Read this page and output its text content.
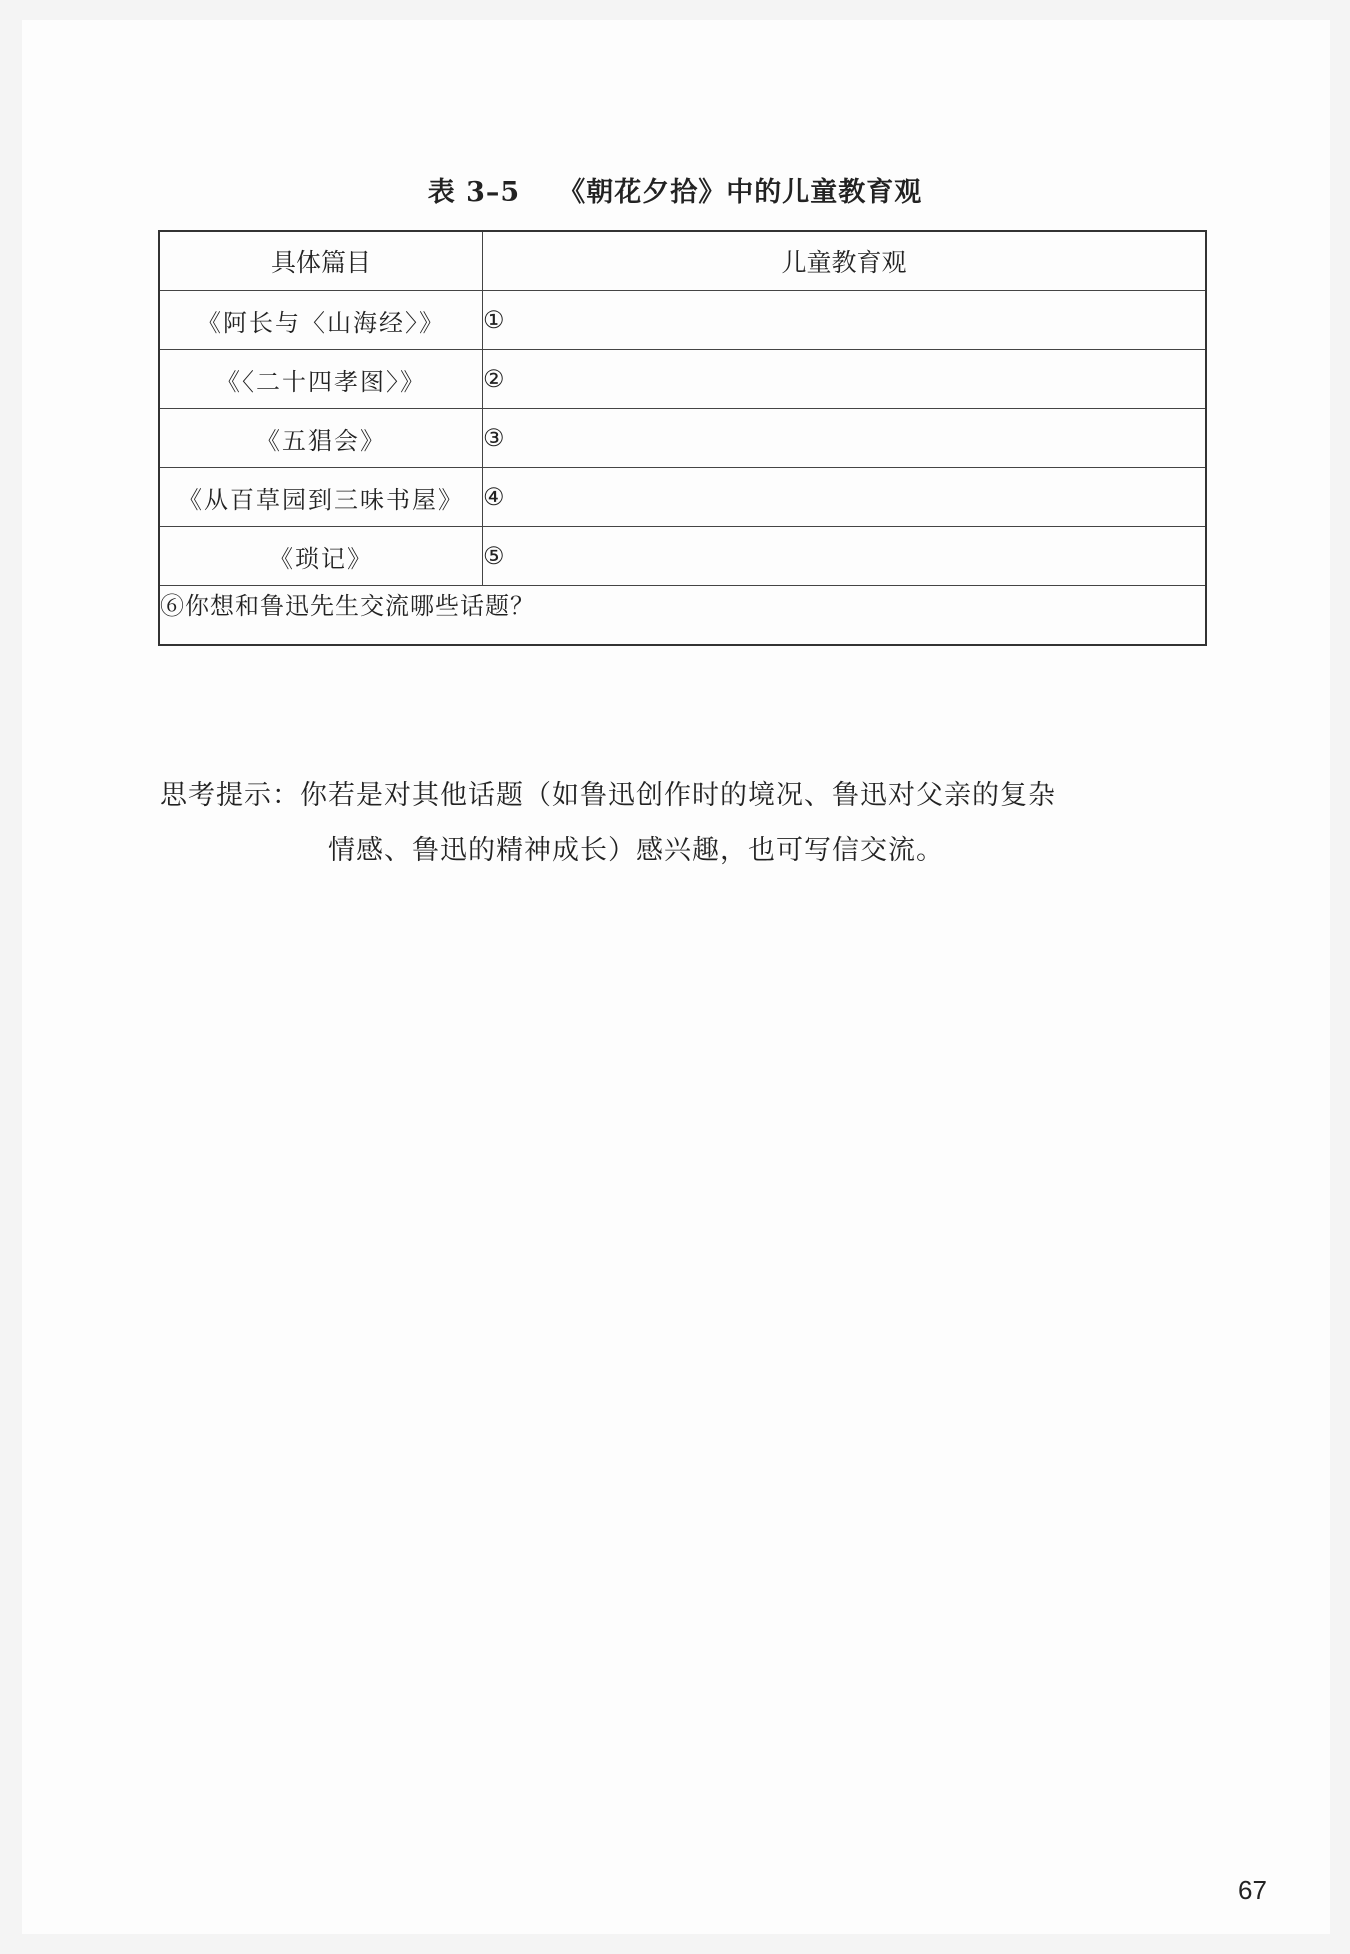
表 3–5 《朝花夕拾》中的儿童教育观
具体篇目	儿童教育观
《阿长与〈山海经〉》	①
《〈二十四孝图〉》	②
《五猖会》	③
《从百草园到三味书屋》	④
《琐记》	⑤
⑥你想和鲁迅先生交流哪些话题？	
思考提示：你若是对其他话题（如鲁迅创作时的境况、鲁迅对父亲的复杂
情感、鲁迅的精神成长）感兴趣，也可写信交流。
67
